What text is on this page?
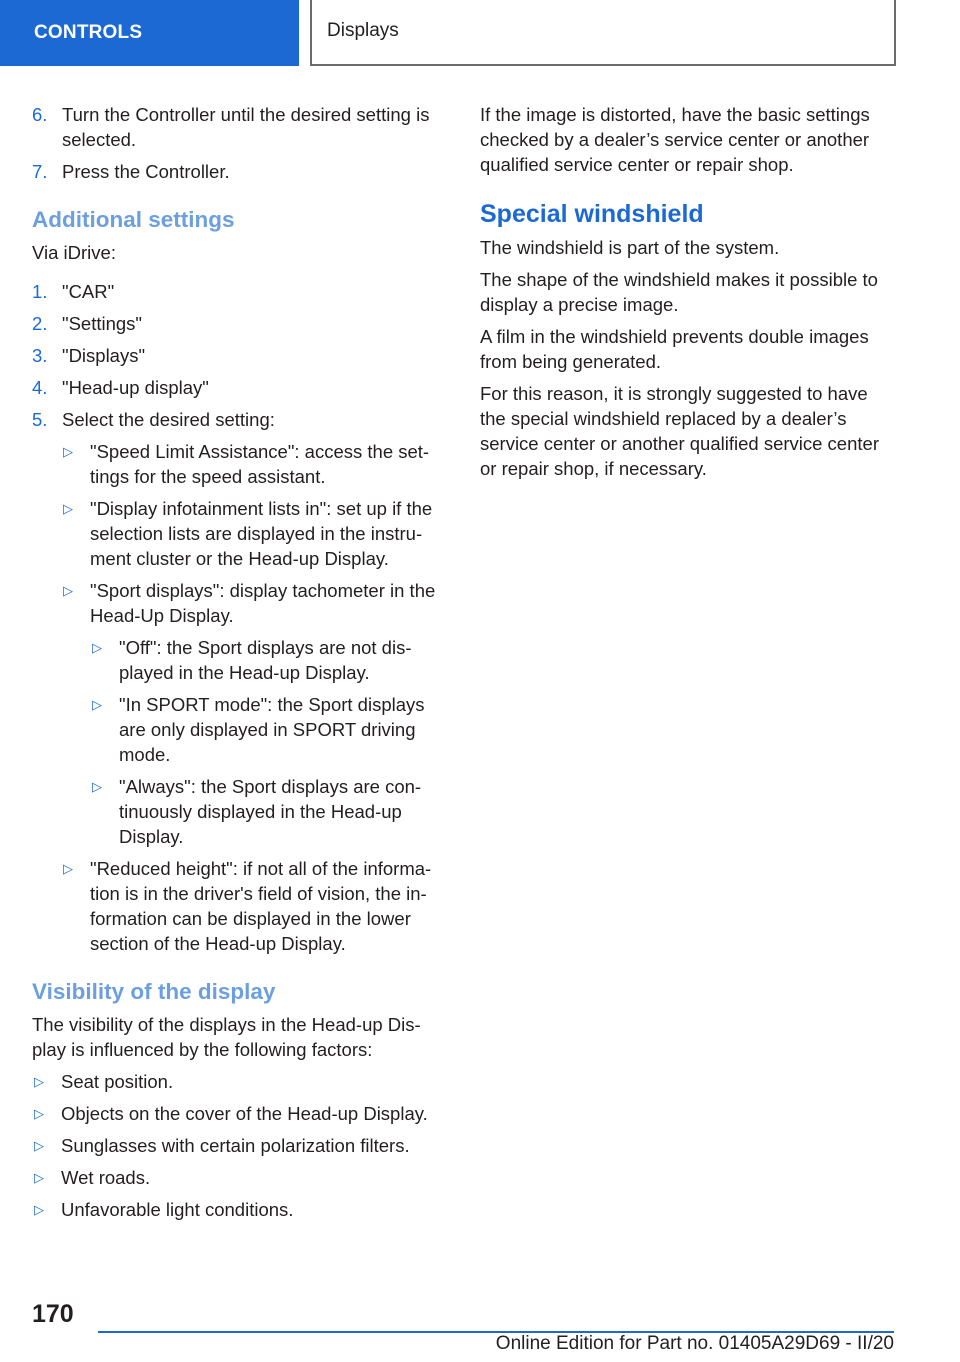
CONTROLS	Displays
6. Turn the Controller until the desired setting is selected.
7. Press the Controller.
Additional settings

Via iDrive:

1. "CAR"
2. "Settings"
3. "Displays"
4. "Head-up display"
5. Select the desired setting:
▷ "Speed Limit Assistance": access the set-tings for the speed assistant.
▷ "Display infotainment lists in": set up if the selection lists are displayed in the instru-ment cluster or the Head-up Display.
▷ "Sport displays": display tachometer in the Head-Up Display.
▷ "Off": the Sport displays are not dis-played in the Head-up Display.
▷ "In SPORT mode": the Sport displays are only displayed in SPORT driving mode.
▷ "Always": the Sport displays are con-tinuously displayed in the Head-up Display.
▷ "Reduced height": if not all of the informa-tion is in the driver's field of vision, the in-formation can be displayed in the lower section of the Head-up Display.
Visibility of the display

The visibility of the displays in the Head-up Dis-play is influenced by the following factors:

▷ Seat position.
▷ Objects on the cover of the Head-up Display.
▷ Sunglasses with certain polarization filters.
▷ Wet roads.
▷ Unfavorable light conditions.

If the image is distorted, have the basic settings checked by a dealer’s service center or another qualified service center or repair shop.

Special windshield

The windshield is part of the system.

The shape of the windshield makes it possible to display a precise image.

A film in the windshield prevents double images from being generated.

For this reason, it is strongly suggested to have the special windshield replaced by a dealer’s service center or another qualified service center or repair shop, if necessary.

170
Online Edition for Part no. 01405A29D69 - II/20
